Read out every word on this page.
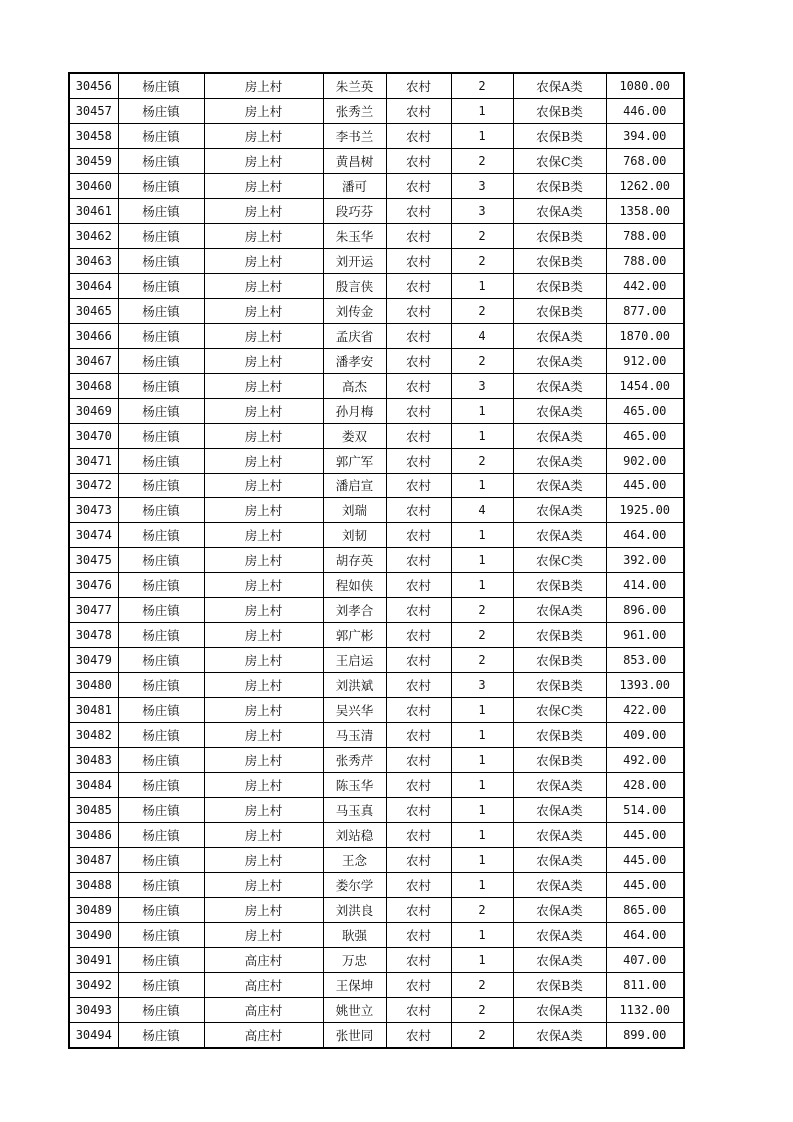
30456	杨庄镇	房上村	朱兰英	农村	2	农保A类	1080.00
30457	杨庄镇	房上村	张秀兰	农村	1	农保B类	446.00
30458	杨庄镇	房上村	李书兰	农村	1	农保B类	394.00
30459	杨庄镇	房上村	黄昌树	农村	2	农保C类	768.00
30460	杨庄镇	房上村	潘可	农村	3	农保B类	1262.00
30461	杨庄镇	房上村	段巧芬	农村	3	农保A类	1358.00
30462	杨庄镇	房上村	朱玉华	农村	2	农保B类	788.00
30463	杨庄镇	房上村	刘开运	农村	2	农保B类	788.00
30464	杨庄镇	房上村	殷言侠	农村	1	农保B类	442.00
30465	杨庄镇	房上村	刘传金	农村	2	农保B类	877.00
30466	杨庄镇	房上村	孟庆省	农村	4	农保A类	1870.00
30467	杨庄镇	房上村	潘孝安	农村	2	农保A类	912.00
30468	杨庄镇	房上村	高杰	农村	3	农保A类	1454.00
30469	杨庄镇	房上村	孙月梅	农村	1	农保A类	465.00
30470	杨庄镇	房上村	娄双	农村	1	农保A类	465.00
30471	杨庄镇	房上村	郭广军	农村	2	农保A类	902.00
30472	杨庄镇	房上村	潘启宣	农村	1	农保A类	445.00
30473	杨庄镇	房上村	刘瑞	农村	4	农保A类	1925.00
30474	杨庄镇	房上村	刘韧	农村	1	农保A类	464.00
30475	杨庄镇	房上村	胡存英	农村	1	农保C类	392.00
30476	杨庄镇	房上村	程如侠	农村	1	农保B类	414.00
30477	杨庄镇	房上村	刘孝合	农村	2	农保A类	896.00
30478	杨庄镇	房上村	郭广彬	农村	2	农保B类	961.00
30479	杨庄镇	房上村	王启运	农村	2	农保B类	853.00
30480	杨庄镇	房上村	刘洪斌	农村	3	农保B类	1393.00
30481	杨庄镇	房上村	吴兴华	农村	1	农保C类	422.00
30482	杨庄镇	房上村	马玉清	农村	1	农保B类	409.00
30483	杨庄镇	房上村	张秀芹	农村	1	农保B类	492.00
30484	杨庄镇	房上村	陈玉华	农村	1	农保A类	428.00
30485	杨庄镇	房上村	马玉真	农村	1	农保A类	514.00
30486	杨庄镇	房上村	刘站稳	农村	1	农保A类	445.00
30487	杨庄镇	房上村	王念	农村	1	农保A类	445.00
30488	杨庄镇	房上村	娄尔学	农村	1	农保A类	445.00
30489	杨庄镇	房上村	刘洪良	农村	2	农保A类	865.00
30490	杨庄镇	房上村	耿强	农村	1	农保A类	464.00
30491	杨庄镇	高庄村	万忠	农村	1	农保A类	407.00
30492	杨庄镇	高庄村	王保坤	农村	2	农保B类	811.00
30493	杨庄镇	高庄村	姚世立	农村	2	农保A类	1132.00
30494	杨庄镇	高庄村	张世同	农村	2	农保A类	899.00
